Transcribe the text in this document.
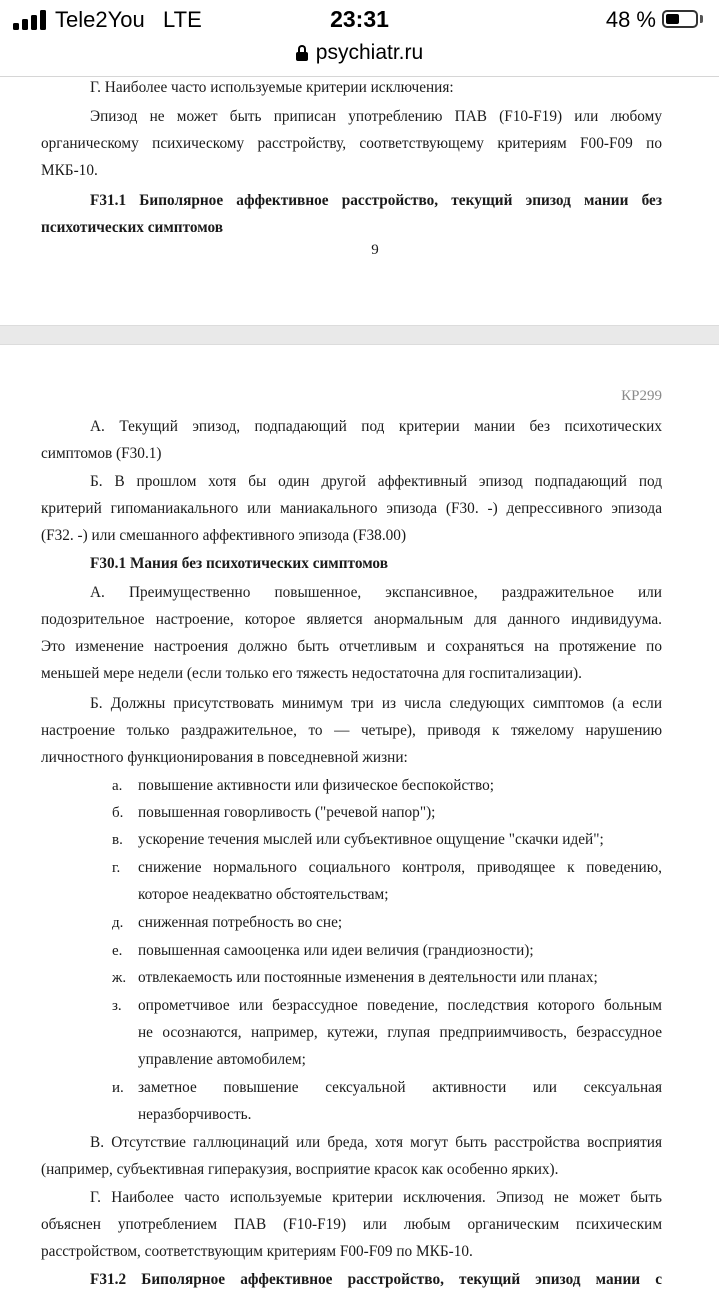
Tele2You   LTE	23:31	48 %
psychiatr.ru
Г. Наиболее часто используемые критерии исключения:
Эпизод не может быть приписан употреблению ПАВ (F10-F19) или любому
органическому психическому расстройству, соответствующему критериям F00-F09 по
МКБ-10.
F31.1 Биполярное аффективное расстройство, текущий эпизод мании без
психотических симптомов
9
КР299
А. Текущий эпизод, подпадающий под критерии мании без психотических
симптомов (F30.1)
Б. В прошлом хотя бы один другой аффективный эпизод подпадающий под
критерий гипоманиакального или маниакального эпизода (F30. -) депрессивного эпизода
(F32. -) или смешанного аффективного эпизода (F38.00)
F30.1 Мания без психотических симптомов
А. Преимущественно повышенное, экспансивное, раздражительное или
подозрительное настроение, которое является анормальным для данного индивидуума.
Это изменение настроения должно быть отчетливым и сохраняться на протяжение по
меньшей мере недели (если только его тяжесть недостаточна для госпитализации).
Б. Должны присутствовать минимум три из числа следующих симптомов (а если
настроение только раздражительное, то — четыре), приводя к тяжелому нарушению
личностного функционирования в повседневной жизни:
а. повышение активности или физическое беспокойство;
б. повышенная говорливость ("речевой напор");
в. ускорение течения мыслей или субъективное ощущение "скачки идей";
г. снижение нормального социального контроля, приводящее к поведению,
которое неадекватно обстоятельствам;
д. сниженная потребность во сне;
е. повышенная самооценка или идеи величия (грандиозности);
ж. отвлекаемость или постоянные изменения в деятельности или планах;
з. опрометчивое или безрассудное поведение, последствия которого больным
не осознаются, например, кутежи, глупая предприимчивость, безрассудное
управление автомобилем;
и. заметное повышение сексуальной активности или сексуальная
неразборчивость.
В. Отсутствие галлюцинаций или бреда, хотя могут быть расстройства восприятия
(например, субъективная гиперакузия, восприятие красок как особенно ярких).
Г. Наиболее часто используемые критерии исключения. Эпизод не может быть
объяснен употреблением ПАВ (F10-F19) или любым органическим психическим
расстройством, соответствующим критериям F00-F09 по МКБ-10.
F31.2 Биполярное аффективное расстройство, текущий эпизод мании с
